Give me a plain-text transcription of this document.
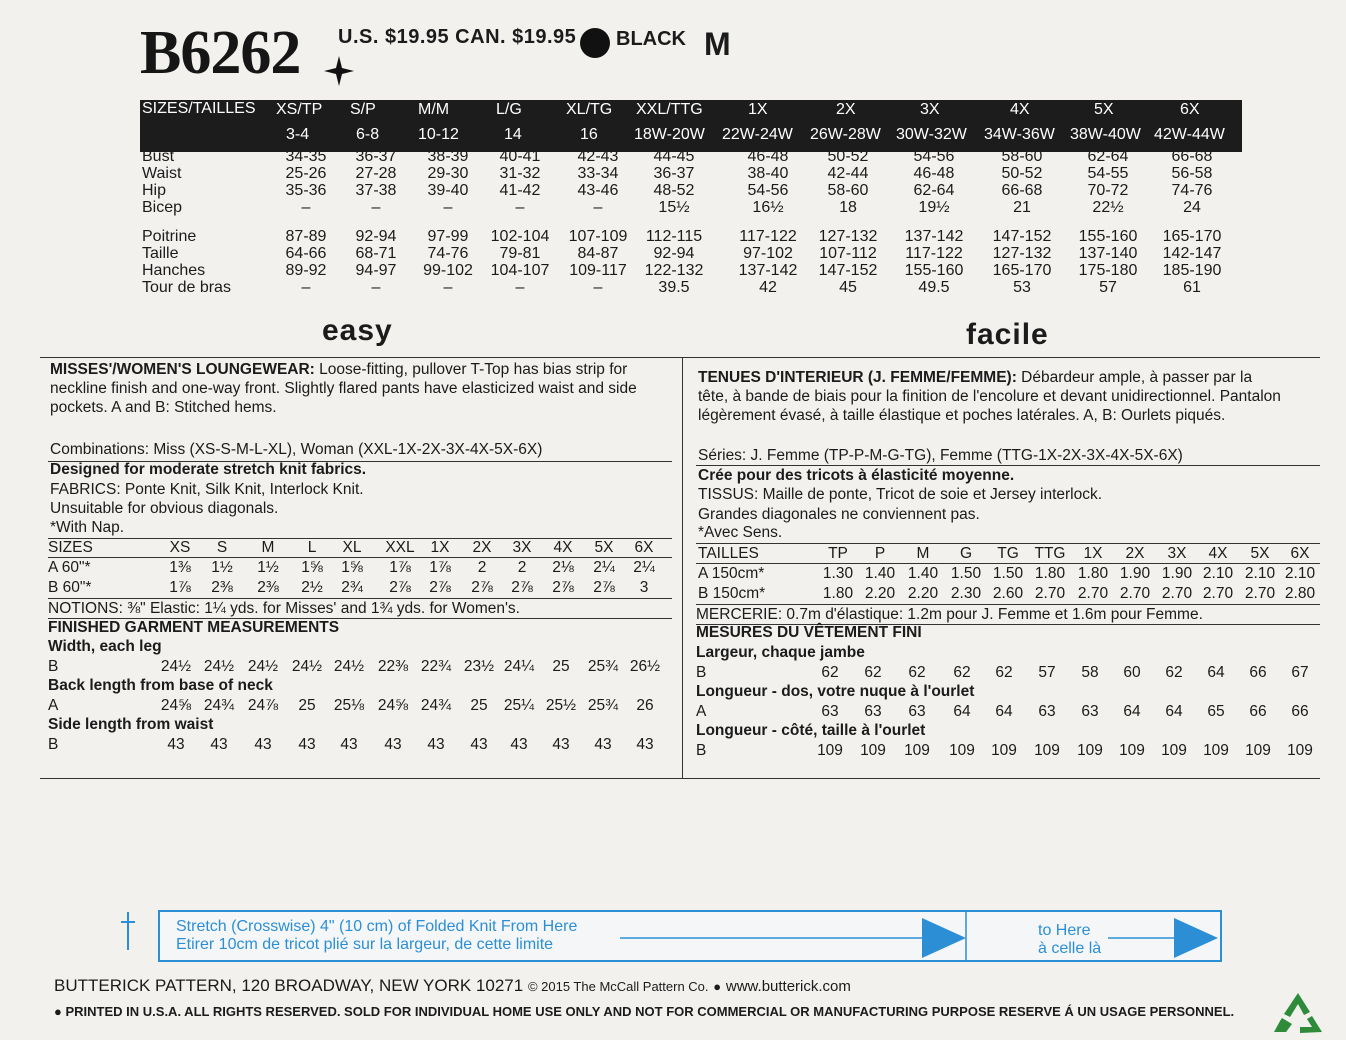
B6262 U.S. $19.95 CAN. $19.95 BLACK M
SIZES/TAILLES XS/TP S/P	M/M	L/G	XL/TG XXL/TTG	1X	2X	3X	4X	5X	6X
3-4	6-8 10-12	14	16 18W-20W 22W-24W 26W-28W 30W-32W 34W-36W 38W-40W 42W-44W
Bust	34-35	36-37	38-39	40-41	42-43	44-45	46-48	50-52	54-56	58-60	62-64	66-68
Waist	25-26	27-28	29-30	31-32	33-34	36-37	38-40	42-44	46-48	50-52	54-55	56-58
Hip	35-36	37-38	39-40	41-42	43-46	48-52	54-56	58-60	62-64	66-68	70-72	74-76
Bicep	–	–	–	–	–	15½	16½	18	19½	21	22½	24
Poitrine	87-89	92-94	97-99	102-104 107-109 112-115 117-122 127-132 137-142 147-152 155-160 165-170
Taille	64-66	68-71	74-76	79-81	84-87	92-94	97-102	107-112 117-122 127-132 137-140 142-147
Hanches	89-92	94-97	99-102	104-107 109-117 122-132 137-142 147-152 155-160 165-170 175-180 185-190
Tour de bras	–	–	–	–	–	39.5	42	45	49.5	53	57	61
easy	facile
MISSES'/WOMEN'S LOUNGEWEAR: Loose-fitting, pullover T-Top has bias strip for
neckline finish and one-way front. Slightly flared pants have elasticized waist and side
pockets. A and B: Stitched hems.
Combinations: Miss (XS-S-M-L-XL), Woman (XXL-1X-2X-3X-4X-5X-6X)
Designed for moderate stretch knit fabrics.
FABRICS: Ponte Knit, Silk Knit, Interlock Knit.
Unsuitable for obvious diagonals.
*With Nap.
SIZES	XS	S	M	L	XL	XXL	1X	2X	3X	4X	5X	6X
A 60"*	1⅜	1½	1½	1⅝	1⅝	1⅞	1⅞	2	2	2⅛	2¼	2¼
B 60"*	1⅞	2⅜	2⅜	2½	2¾	2⅞	2⅞	2⅞	2⅞	2⅞	2⅞	3
NOTIONS: ⅜" Elastic: 1¼ yds. for Misses' and 1¾ yds. for Women's.
FINISHED GARMENT MEASUREMENTS
Width, each leg
B	24½ 24½ 24½ 24½ 24½ 22⅜ 22¾ 23½ 24¼	25	25¾ 26½
Back length from base of neck
A	24⅝ 24¾ 24⅞	25	25⅛ 24⅝ 24¾	25	25¼ 25½ 25¾	26
Side length from waist
B	43	43	43	43	43	43	43	43	43	43	43	43
TENUES D'INTERIEUR (J. FEMME/FEMME): Débardeur ample, à passer par la
tête, à bande de biais pour la finition de l'encolure et devant unidirectionnel. Pantalon
légèrement évasé, à taille élastique et poches latérales. A, B: Ourlets piqués.
Séries: J. Femme (TP-P-M-G-TG), Femme (TTG-1X-2X-3X-4X-5X-6X)
Crée pour des tricots à élasticité moyenne.
TISSUS: Maille de ponte, Tricot de soie et Jersey interlock.
Grandes diagonales ne conviennent pas.
*Avec Sens.
TAILLES	TP	P	M	G	TG	TTG	1X	2X	3X	4X	5X	6X
A 150cm*	1.30 1.40 1.40 1.50 1.50 1.80 1.80 1.90 1.90 2.10 2.10 2.10
B 150cm*	1.80 2.20 2.20 2.30 2.60 2.70 2.70 2.70 2.70 2.70 2.70 2.80
MERCERIE: 0.7m d'élastique: 1.2m pour J. Femme et 1.6m pour Femme.
MESURES DU VÊTEMENT FINI
Largeur, chaque jambe
B	62	62	62	62	62	57	58	60	62	64	66	67
Longueur - dos, votre nuque à l'ourlet
A	63	63	63	64	64	63	63	64	64	65	66	66
Longueur - côté, taille à l'ourlet
B	109	109	109	109	109	109	109	109	109	109	109	109
Stretch (Crosswise) 4" (10 cm) of Folded Knit From Here
Etirer 10cm de tricot plié sur la largeur, de cette limite
to Here
à celle là
BUTTERICK PATTERN, 120 BROADWAY, NEW YORK 10271 © 2015 The McCall Pattern Co. ● www.butterick.com
● PRINTED IN U.S.A. ALL RIGHTS RESERVED. SOLD FOR INDIVIDUAL HOME USE ONLY AND NOT FOR COMMERCIAL OR MANUFACTURING PURPOSE RESERVE Á UN USAGE PERSONNEL.
